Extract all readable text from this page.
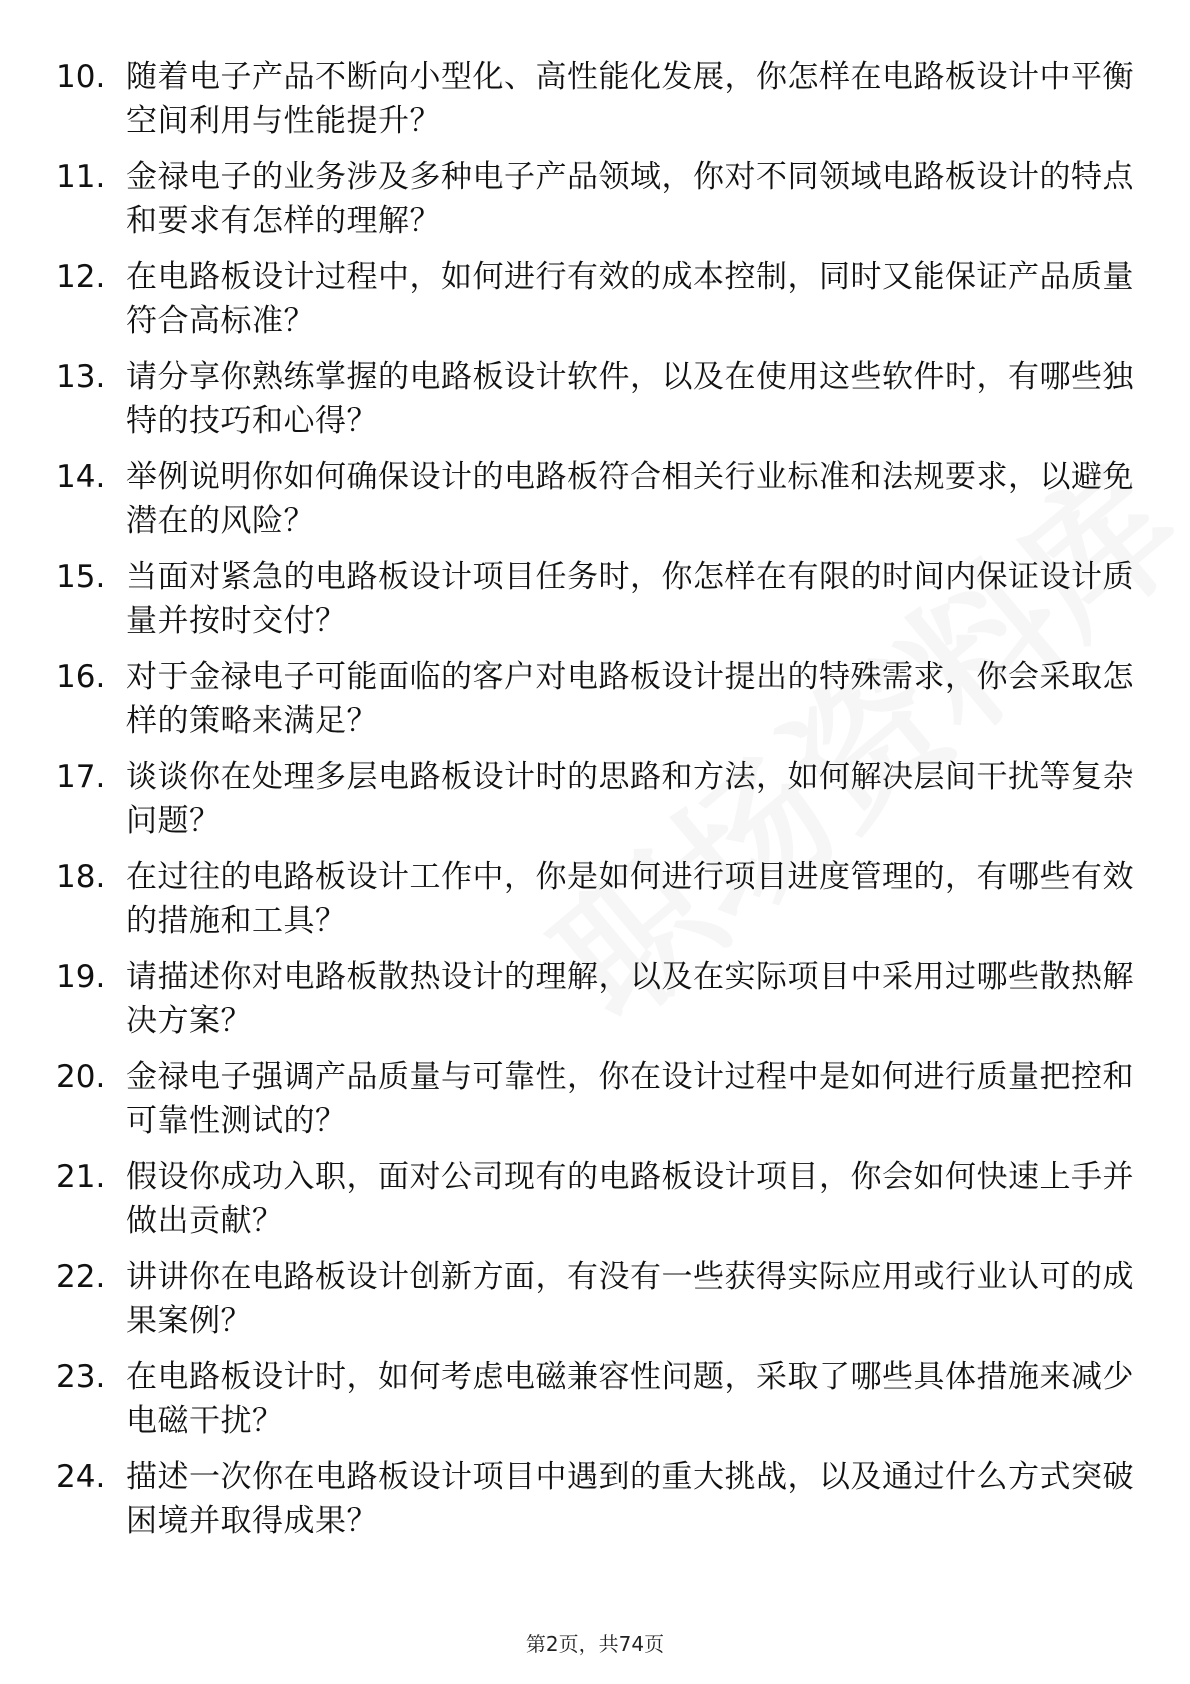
10. 随着电子产品不断向小型化、高性能化发展，你怎样在电路板设计中平衡空间利用与性能提升？
11. 金禄电子的业务涉及多种电子产品领域，你对不同领域电路板设计的特点和要求有怎样的理解？
12. 在电路板设计过程中，如何进行有效的成本控制，同时又能保证产品质量符合高标准？
13. 请分享你熟练掌握的电路板设计软件，以及在使用这些软件时，有哪些独特的技巧和心得？
14. 举例说明你如何确保设计的电路板符合相关行业标准和法规要求，以避免潜在的风险？
15. 当面对紧急的电路板设计项目任务时，你怎样在有限的时间内保证设计质量并按时交付？
16. 对于金禄电子可能面临的客户对电路板设计提出的特殊需求，你会采取怎样的策略来满足？
17. 谈谈你在处理多层电路板设计时的思路和方法，如何解决层间干扰等复杂问题？
18. 在过往的电路板设计工作中，你是如何进行项目进度管理的，有哪些有效的措施和工具？
19. 请描述你对电路板散热设计的理解，以及在实际项目中采用过哪些散热解决方案？
20. 金禄电子强调产品质量与可靠性，你在设计过程中是如何进行质量把控和可靠性测试的？
21. 假设你成功入职，面对公司现有的电路板设计项目，你会如何快速上手并做出贡献？
22. 讲讲你在电路板设计创新方面，有没有一些获得实际应用或行业认可的成果案例？
23. 在电路板设计时，如何考虑电磁兼容性问题，采取了哪些具体措施来减少电磁干扰？
24. 描述一次你在电路板设计项目中遇到的重大挑战，以及通过什么方式突破困境并取得成果？
第2页，共74页
